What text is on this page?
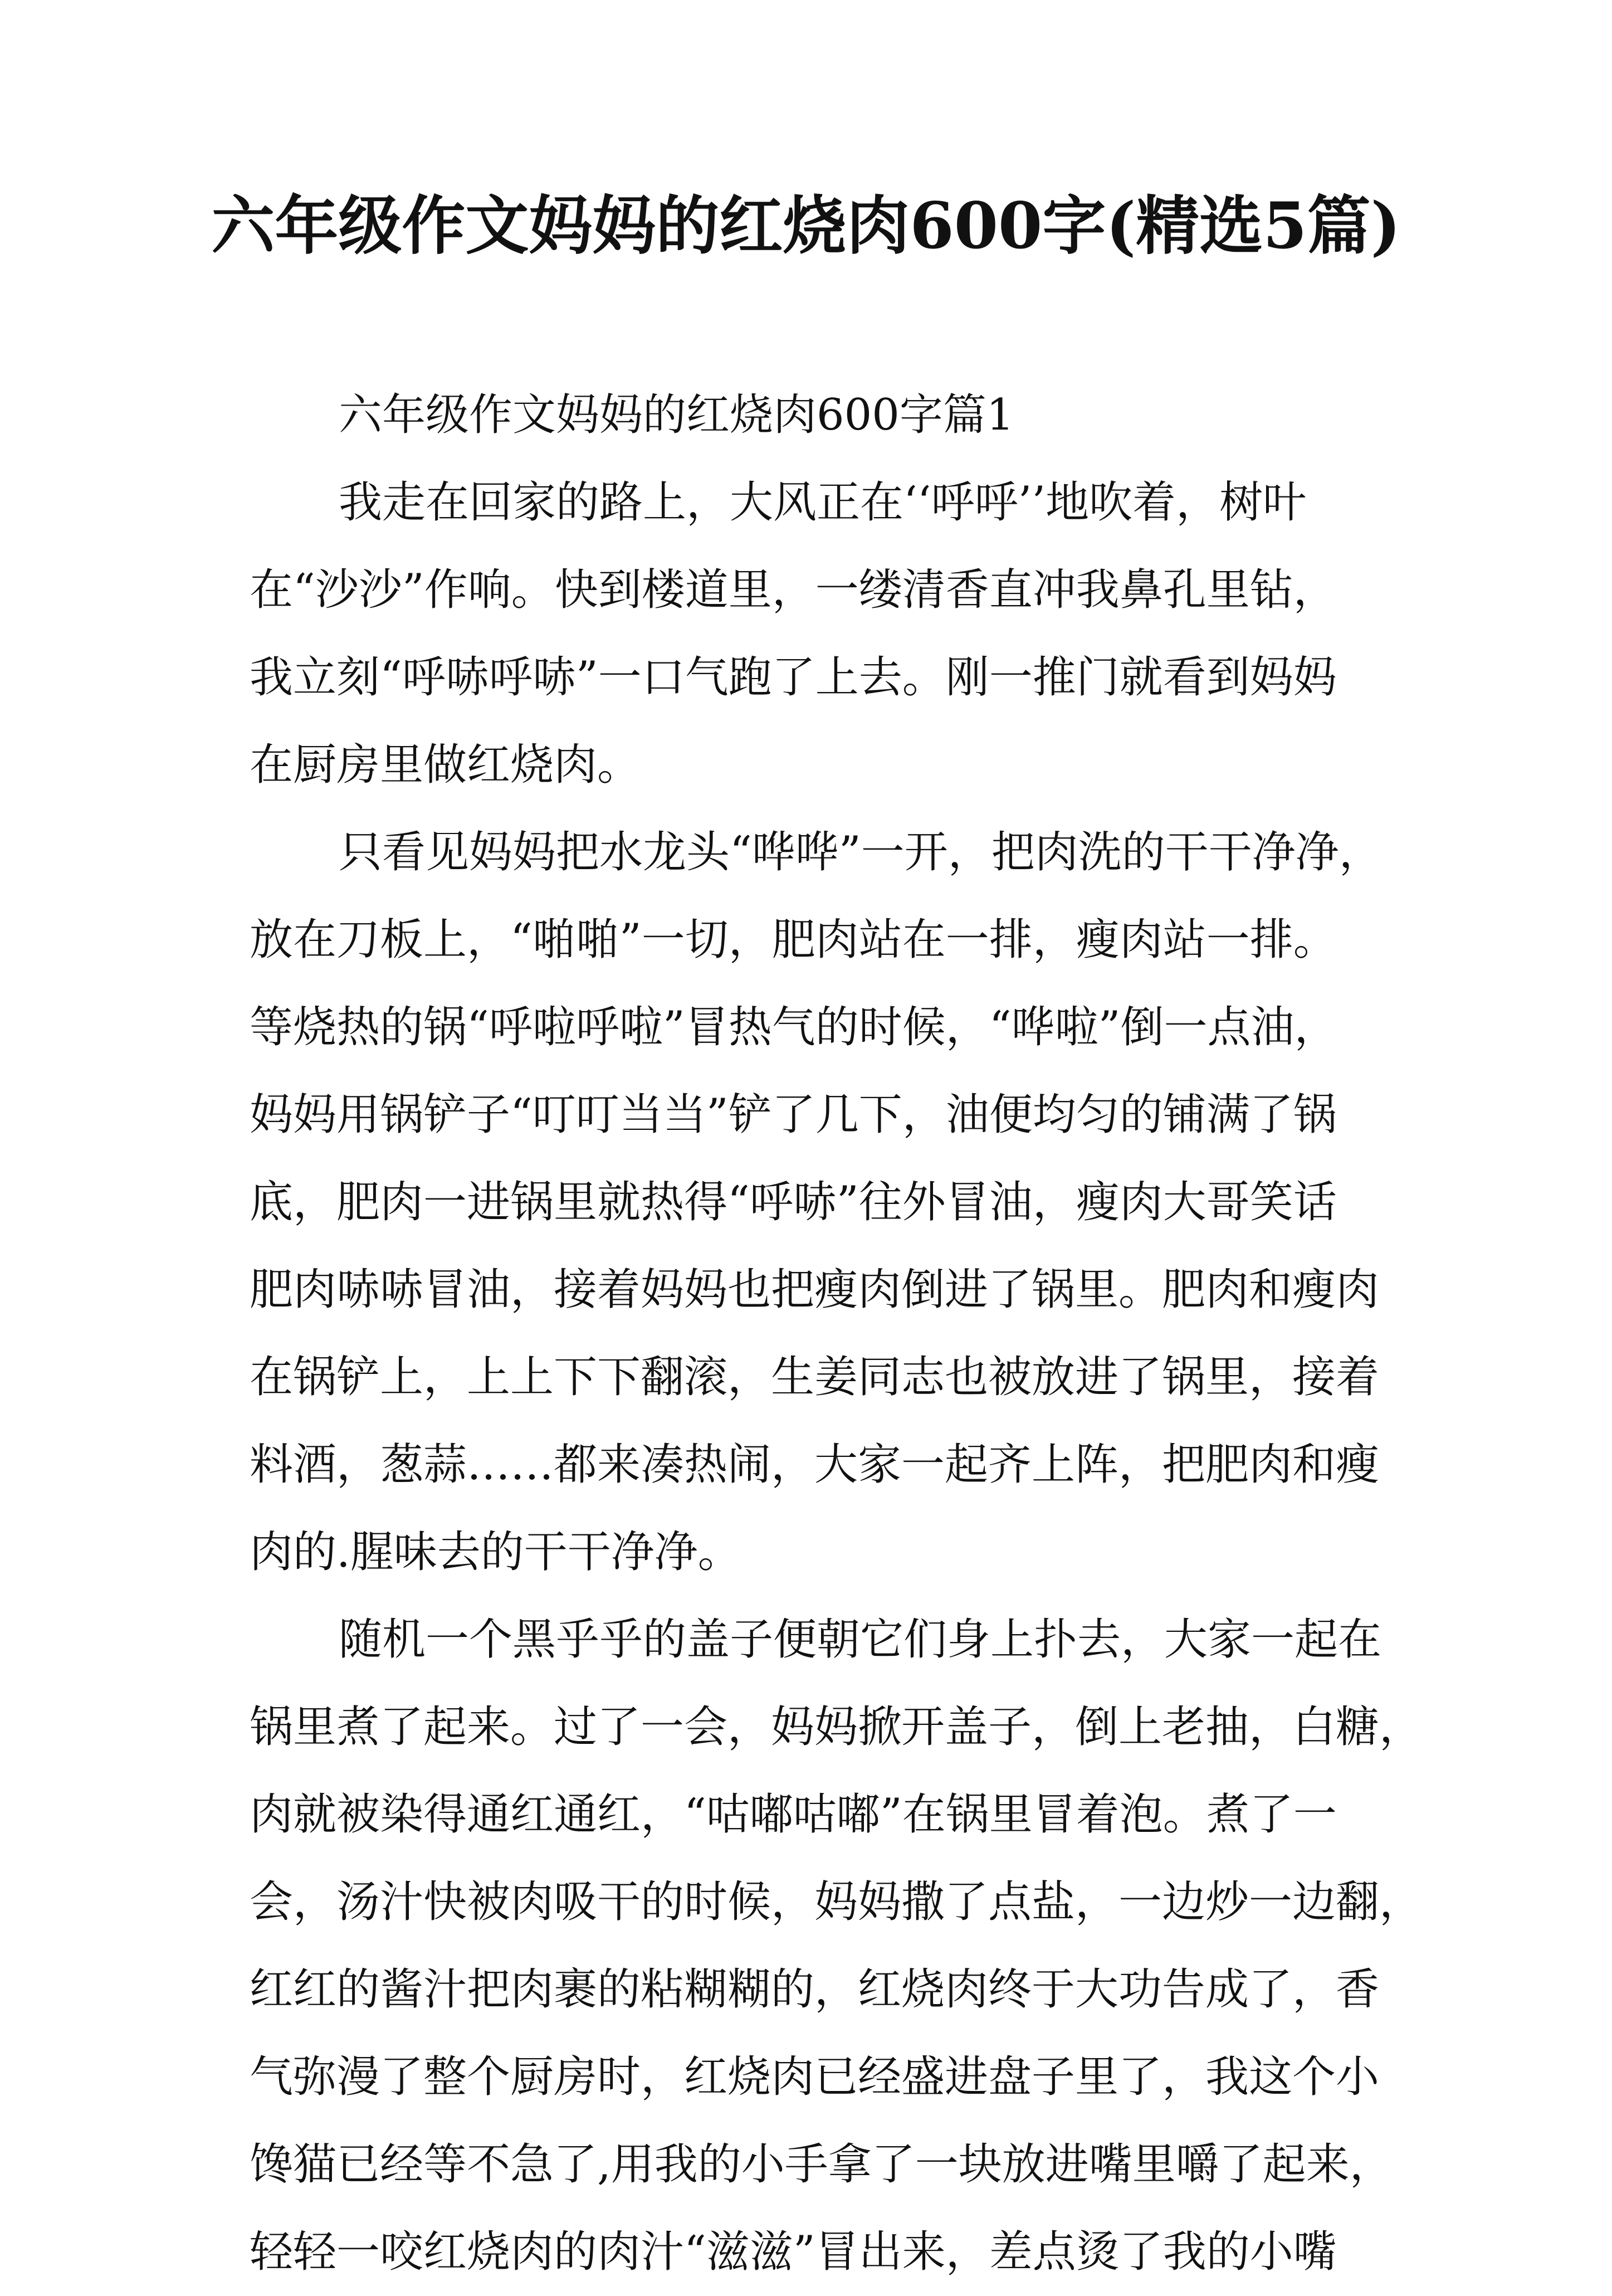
六年级作文妈妈的红烧肉600字(精选5篇)

六年级作文妈妈的红烧肉600字篇1

我走在回家的路上，大风正在‘‘呼呼’’地吹着，树叶

在“沙沙”作响。快到楼道里，一缕清香直冲我鼻孔里钻，

我立刻“呼哧呼哧”一口气跑了上去。刚一推门就看到妈妈

在厨房里做红烧肉。

只看见妈妈把水龙头“哗哗”一开，把肉洗的干干净净，

放在刀板上，“啪啪”一切，肥肉站在一排，瘦肉站一排。

等烧热的锅“呼啦呼啦”冒热气的时候，“哗啦”倒一点油，

妈妈用锅铲子“叮叮当当”铲了几下，油便均匀的铺满了锅

底，肥肉一进锅里就热得“呼哧”往外冒油，瘦肉大哥笑话

肥肉哧哧冒油，接着妈妈也把瘦肉倒进了锅里。肥肉和瘦肉

在锅铲上，上上下下翻滚，生姜同志也被放进了锅里，接着

料酒，葱蒜……都来凑热闹，大家一起齐上阵，把肥肉和瘦

肉的.腥味去的干干净净。

随机一个黑乎乎的盖子便朝它们身上扑去，大家一起在

锅里煮了起来。过了一会，妈妈掀开盖子，倒上老抽，白糖，

肉就被染得通红通红，“咕嘟咕嘟”在锅里冒着泡。煮了一

会，汤汁快被肉吸干的时候，妈妈撒了点盐，一边炒一边翻，

红红的酱汁把肉裹的粘糊糊的，红烧肉终于大功告成了，香

气弥漫了整个厨房时，红烧肉已经盛进盘子里了，我这个小

馋猫已经等不急了,用我的小手拿了一块放进嘴里嚼了起来，

轻轻一咬红烧肉的肉汁“滋滋”冒出来，差点烫了我的小嘴
